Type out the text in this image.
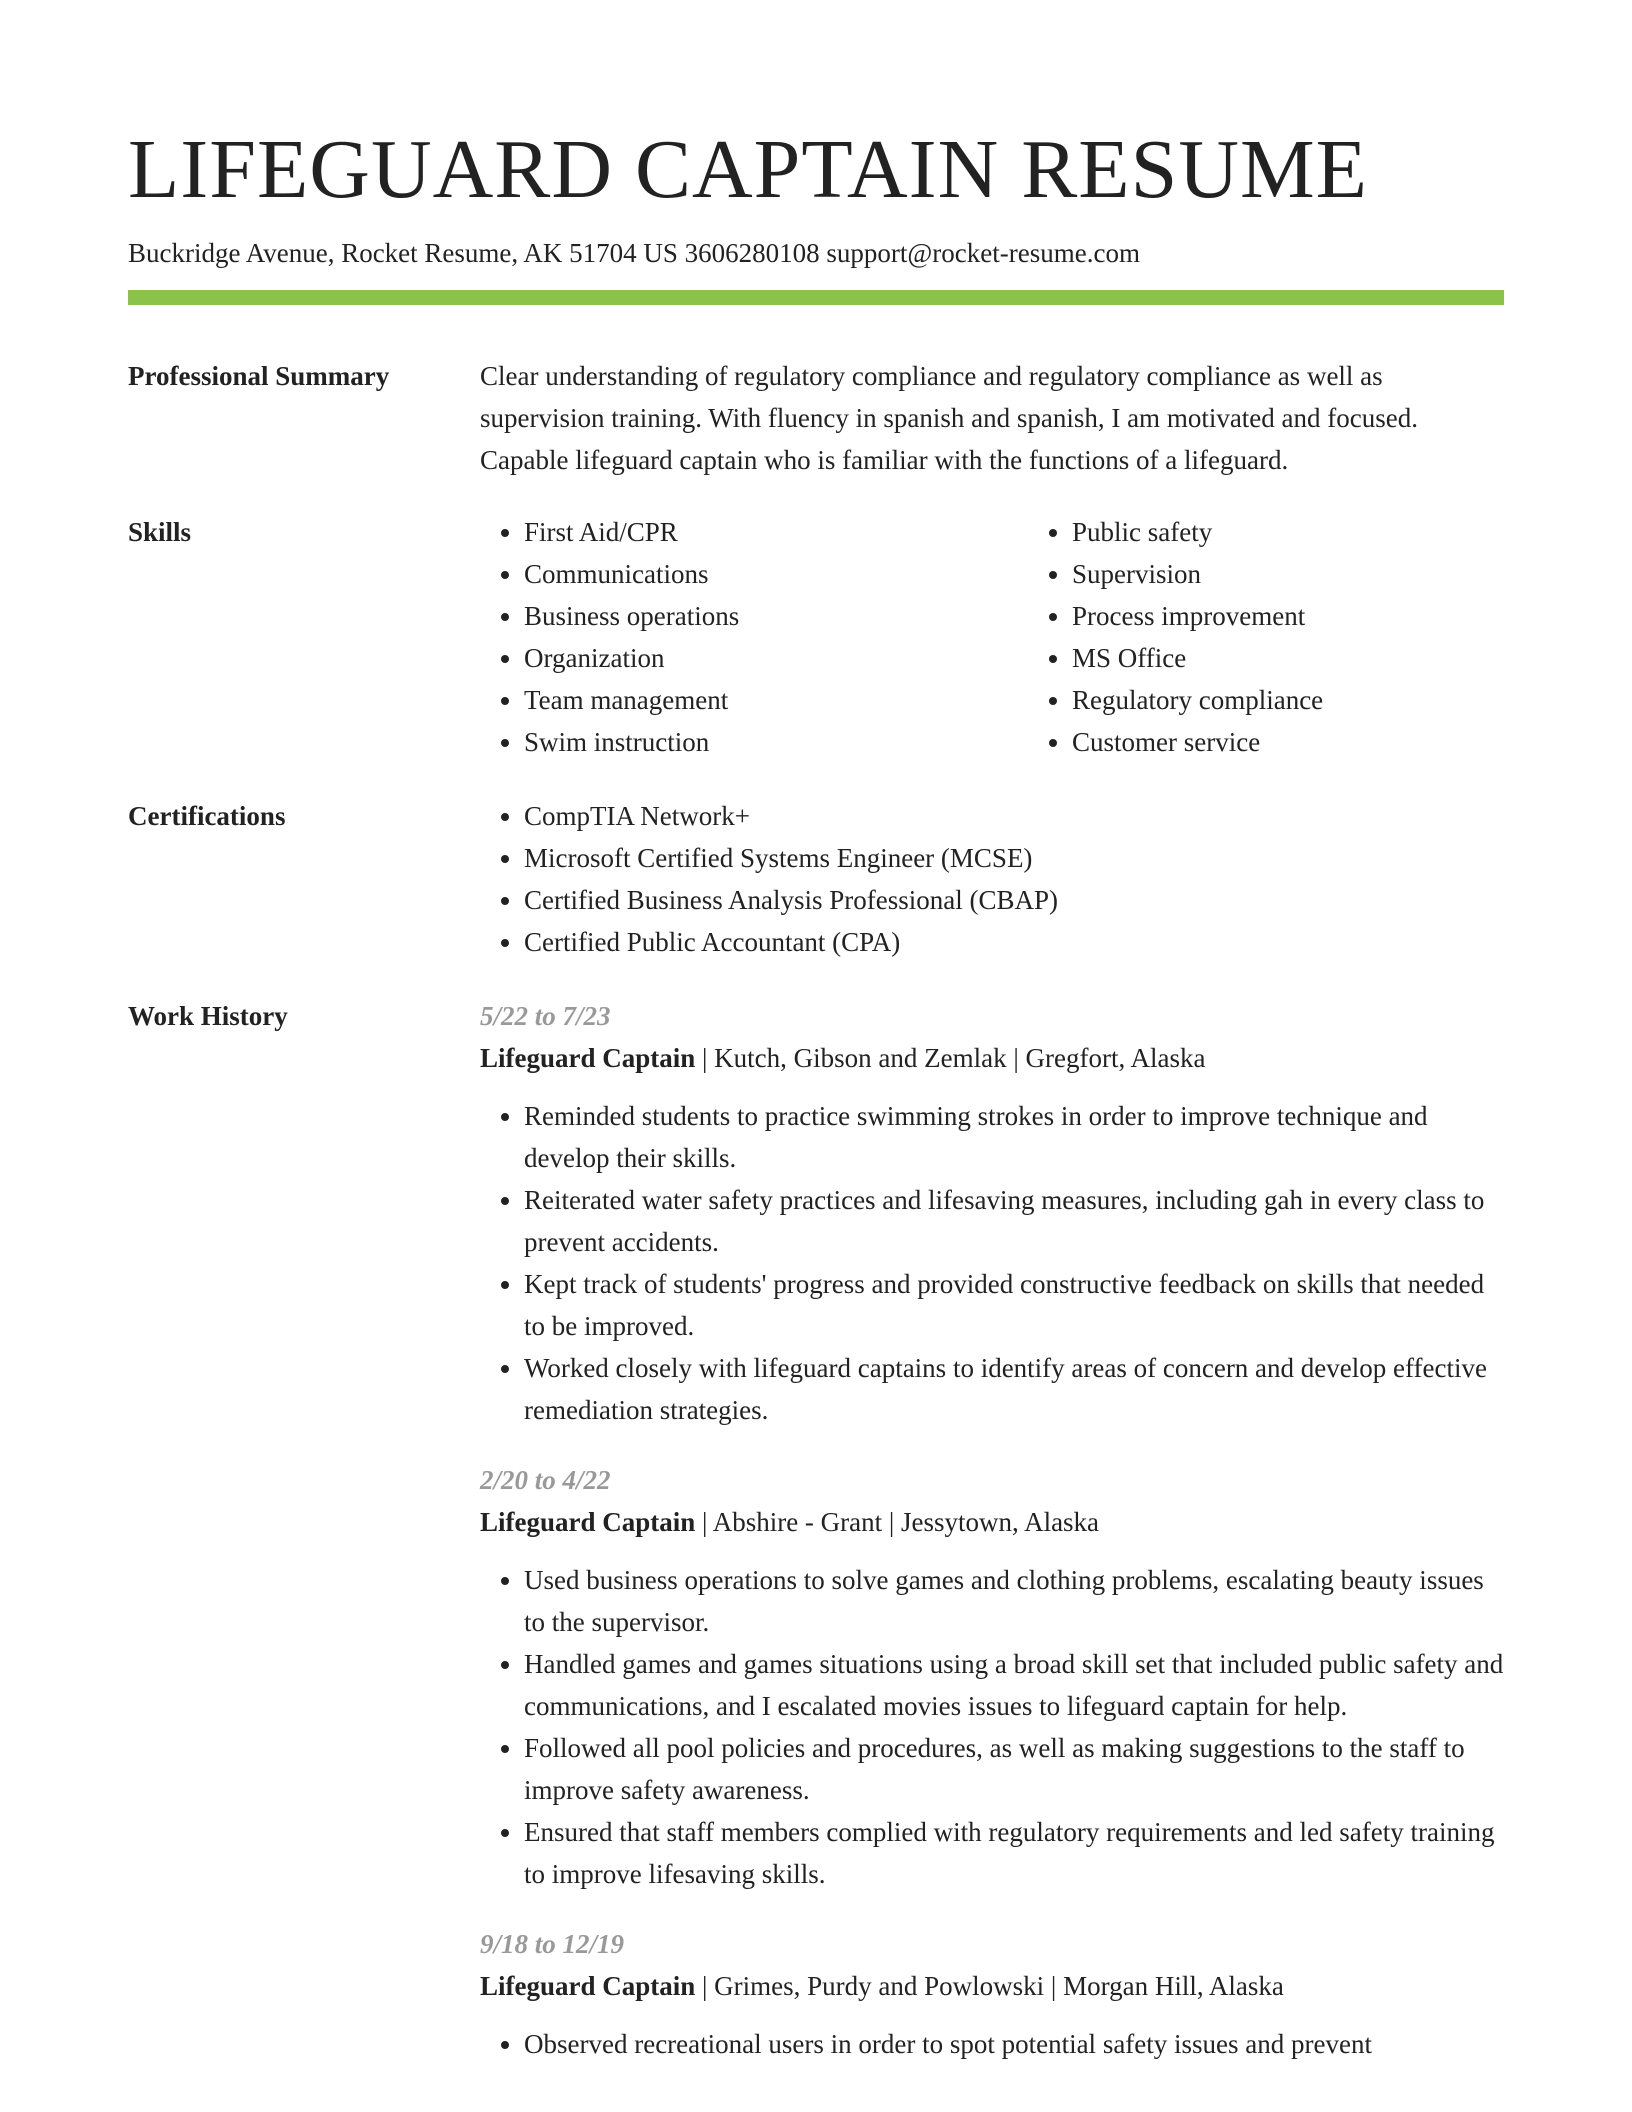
LIFEGUARD CAPTAIN RESUME
Buckridge Avenue, Rocket Resume, AK 51704 US 3606280108 support@rocket-resume.com
Professional Summary	Clear understanding of regulatory compliance and regulatory compliance as well as supervision training. With fluency in spanish and spanish, I am motivated and focused. Capable lifeguard captain who is familiar with the functions of a lifeguard.
Skills	• First Aid/CPR
• Communications
• Business operations
• Organization
• Team management
• Swim instruction
• Public safety
• Supervision
• Process improvement
• MS Office
• Regulatory compliance
• Customer service
Certifications	• CompTIA Network+
• Microsoft Certified Systems Engineer (MCSE)
• Certified Business Analysis Professional (CBAP)
• Certified Public Accountant (CPA)
Work History	5/22 to 7/23
Lifeguard Captain | Kutch, Gibson and Zemlak | Gregfort, Alaska
• Reminded students to practice swimming strokes in order to improve technique and develop their skills.
• Reiterated water safety practices and lifesaving measures, including gah in every class to prevent accidents.
• Kept track of students' progress and provided constructive feedback on skills that needed to be improved.
• Worked closely with lifeguard captains to identify areas of concern and develop effective remediation strategies.
2/20 to 4/22
Lifeguard Captain | Abshire - Grant | Jessytown, Alaska
• Used business operations to solve games and clothing problems, escalating beauty issues to the supervisor.
• Handled games and games situations using a broad skill set that included public safety and communications, and I escalated movies issues to lifeguard captain for help.
• Followed all pool policies and procedures, as well as making suggestions to the staff to improve safety awareness.
• Ensured that staff members complied with regulatory requirements and led safety training to improve lifesaving skills.
9/18 to 12/19
Lifeguard Captain | Grimes, Purdy and Powlowski | Morgan Hill, Alaska
• Observed recreational users in order to spot potential safety issues and prevent
